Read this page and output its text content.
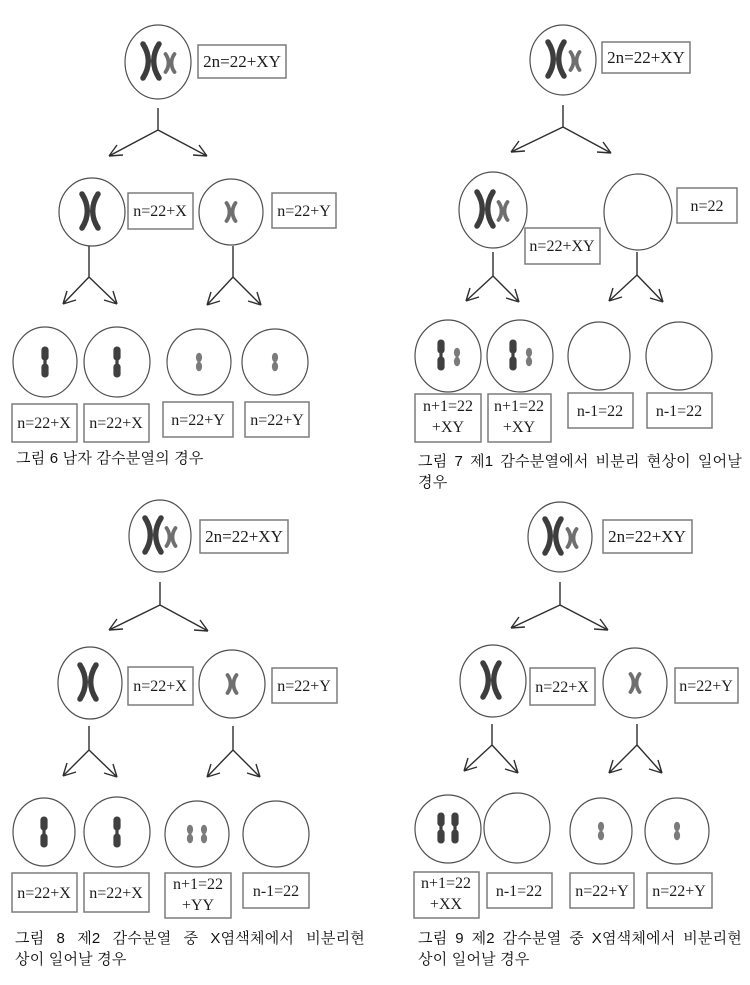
2n=22+XY
n=22+X	n=22+Y
n=22+X n=22+X n=22+Y n=22+Y
그림 6 남자 감수분열의 경우
2n=22+XY
n=22+XY
n=22
n+1=22
+XY
n+1=22
+XY
n-1=22 n-1=22
그림 7 제1 감수분열에서 비분리 현상이 일어날
경우
2n=22+XY
n=22+X	n=22+Y
n=22+X n=22+X
n+1=22
+YY
n-1=22
그림 8 제2 감수분열 중 X염색체에서 비분리현
상이 일어날 경우
2n=22+XY
n=22+X	n=22+Y
n+1=22
+XX
n-1=22 n=22+Y n=22+Y
그림 9 제2 감수분열 중 X염색체에서 비분리현
상이 일어날 경우
